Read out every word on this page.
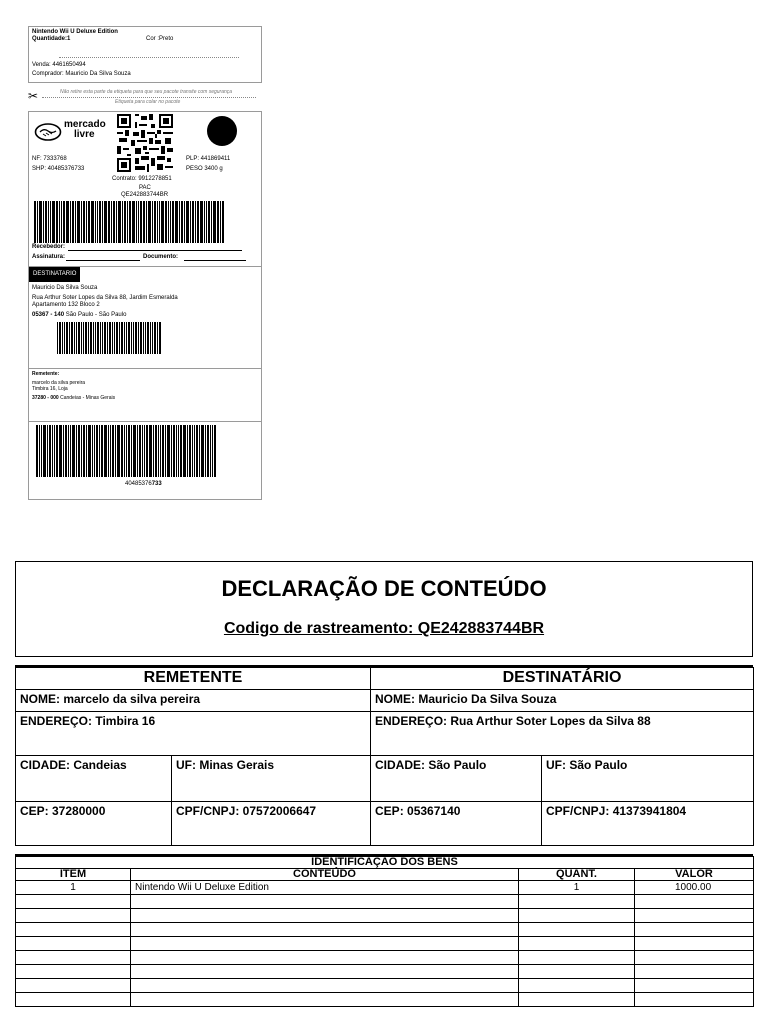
Nintendo Wii U Deluxe Edition
Quantidade:1	Cor :Preto
Venda: 4461650494
Comprador: Mauricio Da Silva Souza
✂	Não retire esta parte da etiqueta para que seu pacote transite com segurança
Etiqueta para colar no pacote
mercado
livre
NF: 7333768
SHP: 40485376733
PLP: 441869411
PESO 3400 g
Contrato: 9912278851
PAC
QE242883744BR
Recebedor:
Assinatura:	Documento:
DESTINATARIO
Mauricio Da Silva Souza
Rua Arthur Soter Lopes da Silva 88, Jardim Esmeralda
Apartamento 132 Bloco 2
05367 - 140 São Paulo - São Paulo
Remetente:
marcelo da silva pereira
Timbira 16, Loja
37280 - 000 Candeias - Minas Gerais
40485376733
DECLARAÇÃO DE CONTEÚDO
Codigo de rastreamento: QE242883744BR
REMETENTE		DESTINATÁRIO	
NOME: marcelo da silva pereira		NOME: Mauricio Da Silva Souza	
ENDEREÇO: Timbira 16		ENDEREÇO: Rua Arthur Soter Lopes da Silva 88	
CIDADE: Candeias	UF: Minas Gerais	CIDADE: São Paulo	UF: São Paulo
CEP: 37280000	CPF/CNPJ: 07572006647	CEP: 05367140	CPF/CNPJ: 41373941804
IDENTIFICAÇÃO DOS BENS			
ITEM	CONTEÚDO	QUANT.	VALOR
1	Nintendo Wii U Deluxe Edition	1	1000.00
